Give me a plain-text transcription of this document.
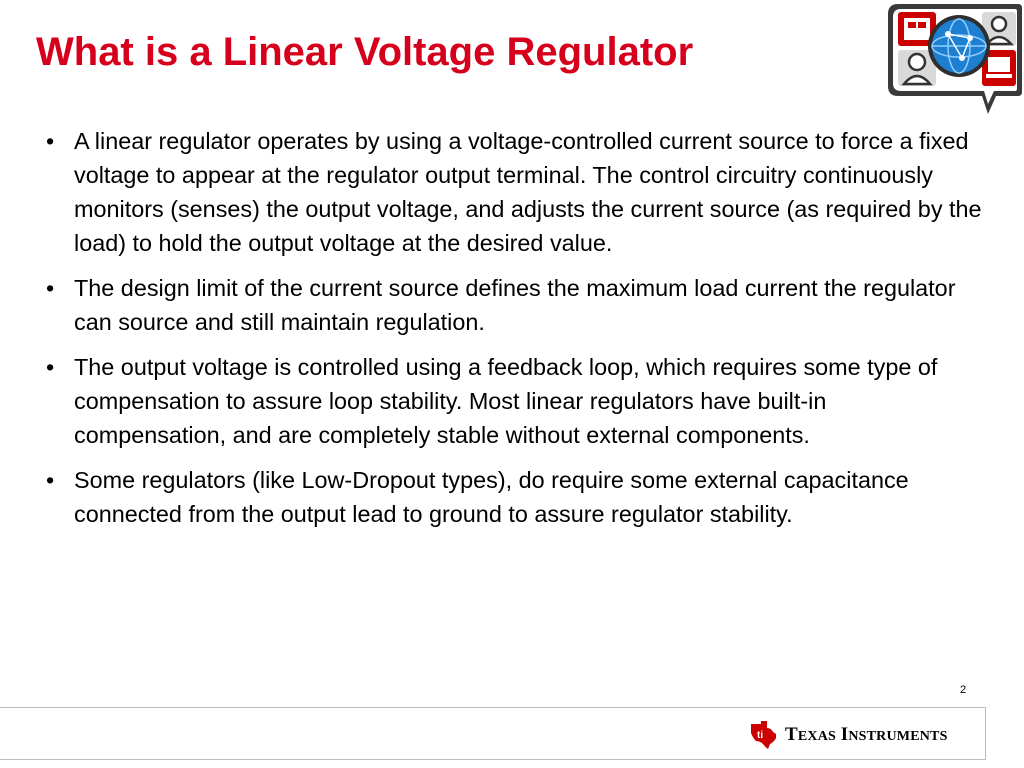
What is a Linear Voltage Regulator
• A linear regulator operates by using a voltage-controlled current source to force a fixed voltage to appear at the regulator output terminal. The control circuitry continuously monitors (senses) the output voltage, and adjusts the current source (as required by the load) to hold the output voltage at the desired value.
• The design limit of the current source defines the maximum load current the regulator can source and still maintain regulation.
• The output voltage is controlled using a feedback loop, which requires some type of compensation to assure loop stability. Most linear regulators have built-in compensation, and are completely stable without external components.
• Some regulators (like Low-Dropout types), do require some external capacitance connected from the output lead to ground to assure regulator stability.
2
ti TEXAS INSTRUMENTS
